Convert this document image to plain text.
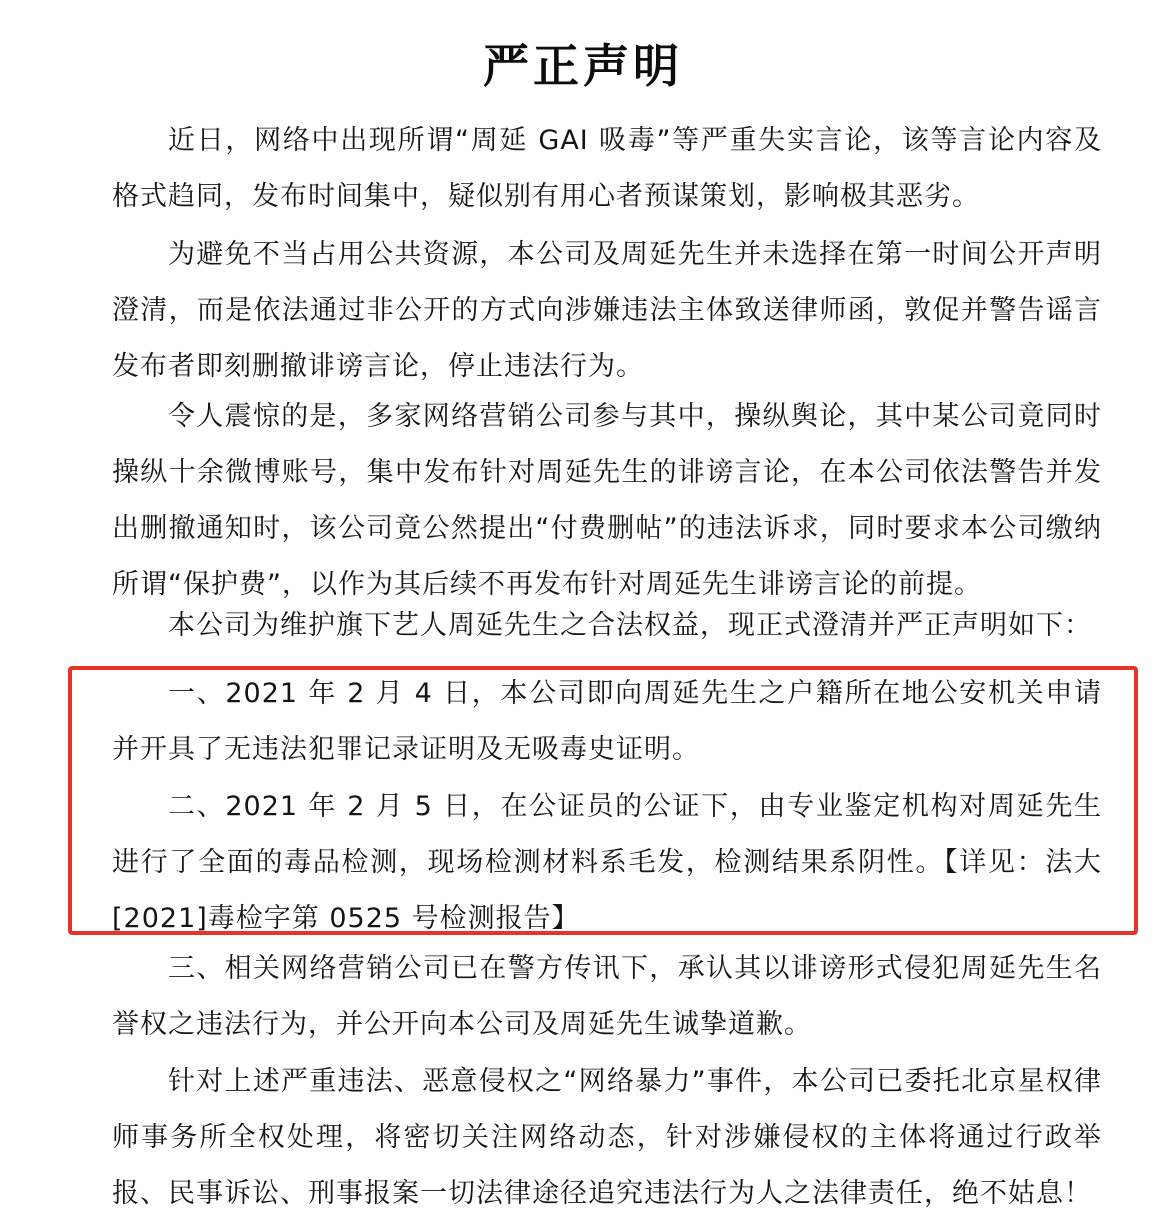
严正声明

近日，网络中出现所谓“周延 GAI 吸毒”等严重失实言论，该等言论内容及格式趋同，发布时间集中，疑似别有用心者预谋策划，影响极其恶劣。

为避免不当占用公共资源，本公司及周延先生并未选择在第一时间公开声明澄清，而是依法通过非公开的方式向涉嫌违法主体致送律师函，敦促并警告谣言发布者即刻删撤诽谤言论，停止违法行为。

令人震惊的是，多家网络营销公司参与其中，操纵舆论，其中某公司竟同时操纵十余微博账号，集中发布针对周延先生的诽谤言论，在本公司依法警告并发出删撤通知时，该公司竟公然提出“付费删帖”的违法诉求，同时要求本公司缴纳所谓“保护费”，以作为其后续不再发布针对周延先生诽谤言论的前提。

本公司为维护旗下艺人周延先生之合法权益，现正式澄清并严正声明如下：

一、2021 年 2 月 4 日，本公司即向周延先生之户籍所在地公安机关申请并开具了无违法犯罪记录证明及无吸毒史证明。

二、2021 年 2 月 5 日，在公证员的公证下，由专业鉴定机构对周延先生进行了全面的毒品检测，现场检测材料系毛发，检测结果系阴性。【详见：法大[2021]毒检字第 0525 号检测报告】

三、相关网络营销公司已在警方传讯下，承认其以诽谤形式侵犯周延先生名誉权之违法行为，并公开向本公司及周延先生诚挚道歉。

针对上述严重违法、恶意侵权之“网络暴力”事件，本公司已委托北京星权律师事务所全权处理，将密切关注网络动态，针对涉嫌侵权的主体将通过行政举报、民事诉讼、刑事报案一切法律途径追究违法行为人之法律责任，绝不姑息！
